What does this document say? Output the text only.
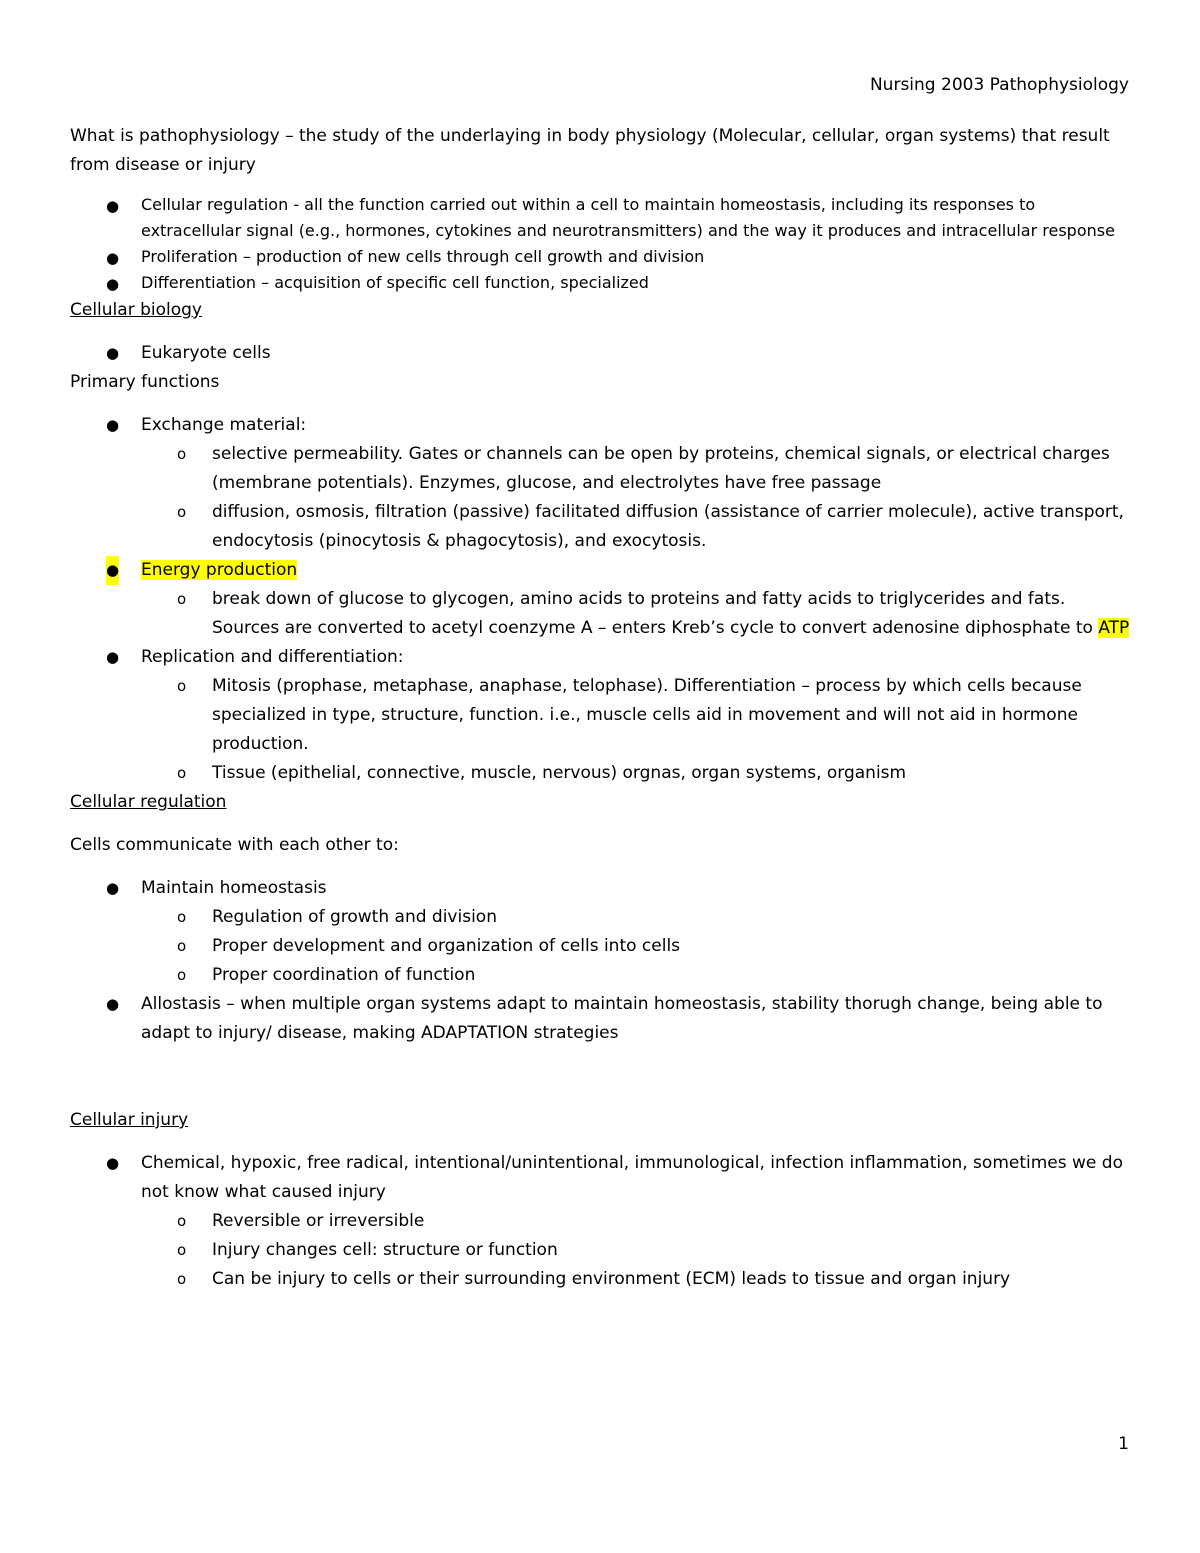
Nursing 2003 Pathophysiology

What is pathophysiology – the study of the underlaying in body physiology (Molecular, cellular, organ systems) that result from disease or injury

● Cellular regulation - all the function carried out within a cell to maintain homeostasis, including its responses to extracellular signal (e.g., hormones, cytokines and neurotransmitters) and the way it produces and intracellular response
● Proliferation – production of new cells through cell growth and division
● Differentiation – acquisition of specific cell function, specialized

Cellular biology

● Eukaryote cells

Primary functions

● Exchange material:
o selective permeability. Gates or channels can be open by proteins, chemical signals, or electrical charges (membrane potentials). Enzymes, glucose, and electrolytes have free passage
o diffusion, osmosis, filtration (passive) facilitated diffusion (assistance of carrier molecule), active transport, endocytosis (pinocytosis & phagocytosis), and exocytosis.
● Energy production
o break down of glucose to glycogen, amino acids to proteins and fatty acids to triglycerides and fats. Sources are converted to acetyl coenzyme A – enters Kreb’s cycle to convert adenosine diphosphate to ATP
● Replication and differentiation:
o Mitosis (prophase, metaphase, anaphase, telophase). Differentiation – process by which cells because specialized in type, structure, function. i.e., muscle cells aid in movement and will not aid in hormone production.
o Tissue (epithelial, connective, muscle, nervous) orgnas, organ systems, organism

Cellular regulation

Cells communicate with each other to:

● Maintain homeostasis
o Regulation of growth and division
o Proper development and organization of cells into cells
o Proper coordination of function
● Allostasis – when multiple organ systems adapt to maintain homeostasis, stability thorugh change, being able to adapt to injury/ disease, making ADAPTATION strategies

Cellular injury

● Chemical, hypoxic, free radical, intentional/unintentional, immunological, infection inflammation, sometimes we do not know what caused injury
o Reversible or irreversible
o Injury changes cell: structure or function
o Can be injury to cells or their surrounding environment (ECM) leads to tissue and organ injury
1
